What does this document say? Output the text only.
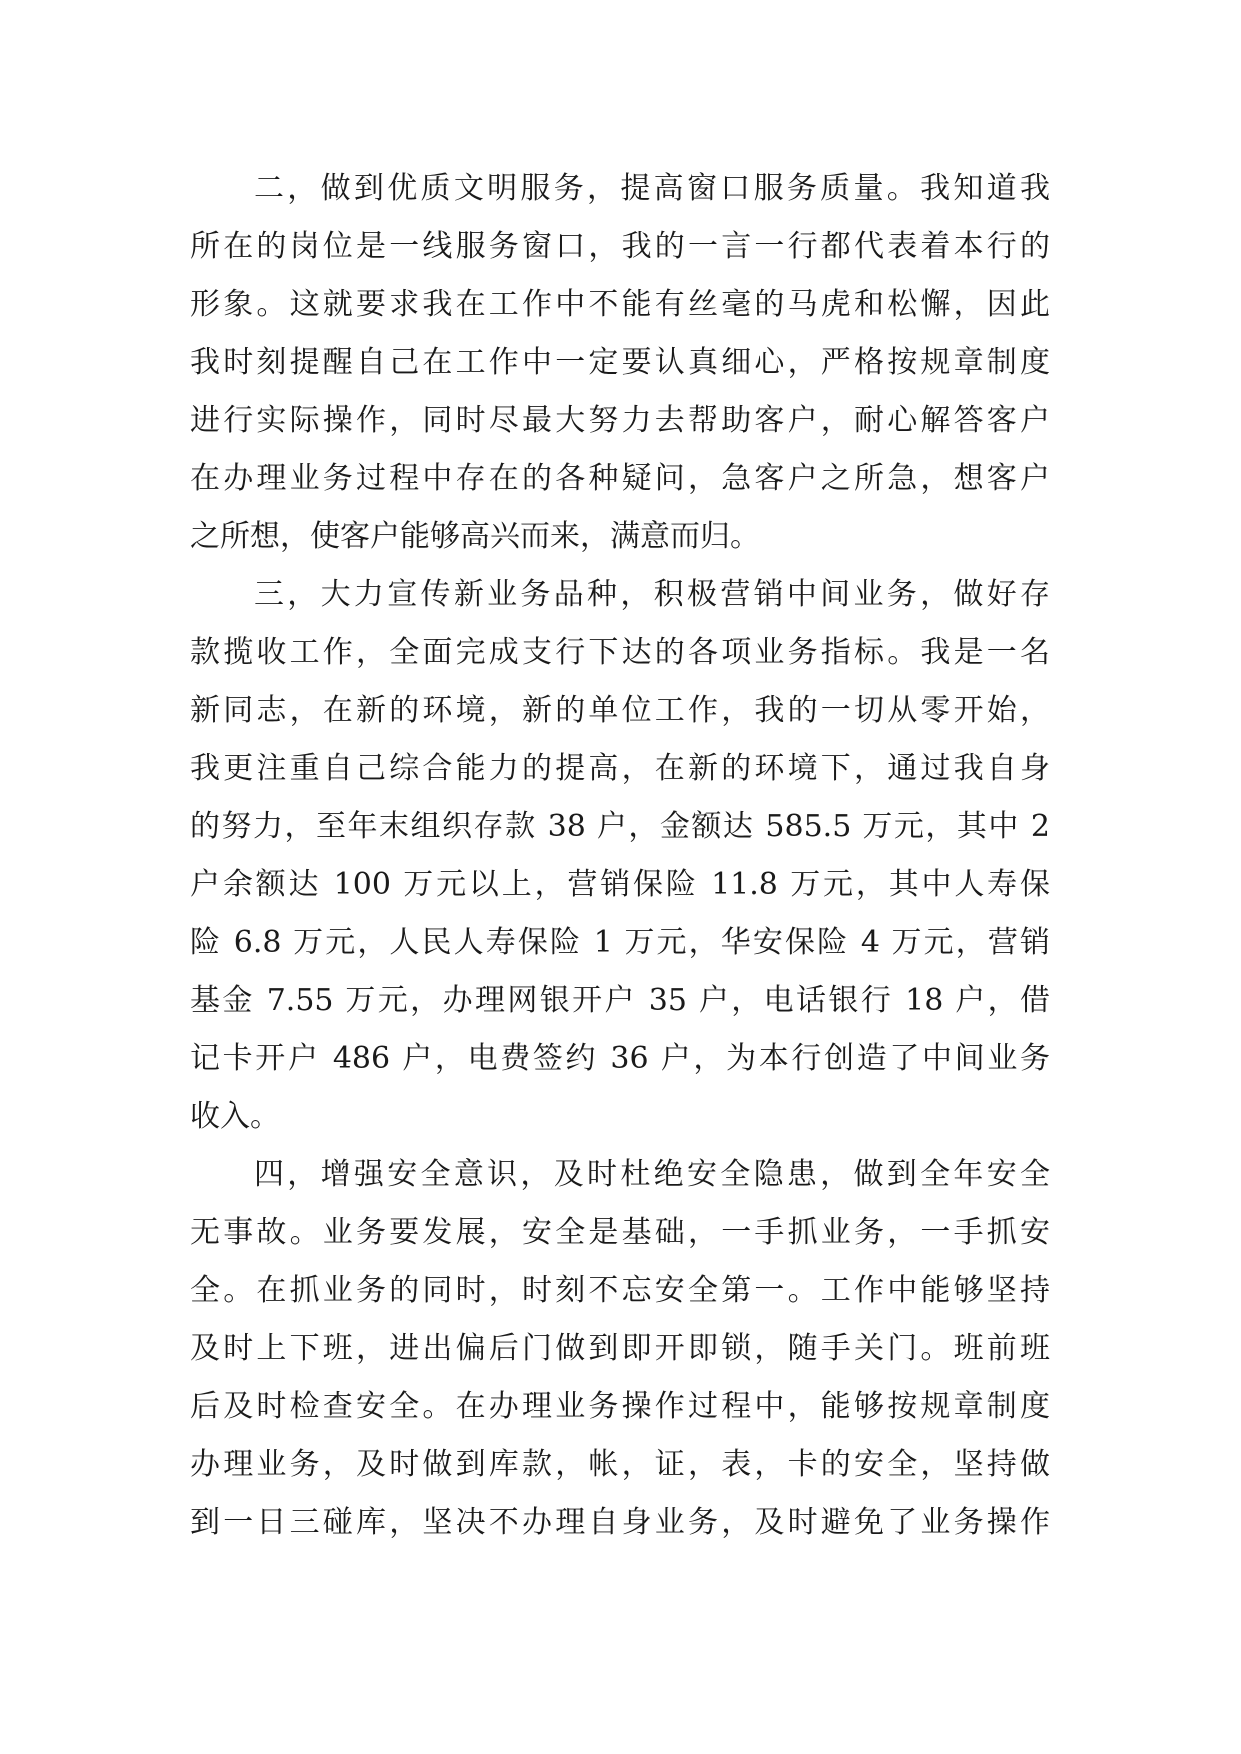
二，做到优质文明服务，提高窗口服务质量。我知道我
所在的岗位是一线服务窗口，我的一言一行都代表着本行的
形象。这就要求我在工作中不能有丝毫的马虎和松懈，因此
我时刻提醒自己在工作中一定要认真细心，严格按规章制度
进行实际操作，同时尽最大努力去帮助客户，耐心解答客户
在办理业务过程中存在的各种疑问，急客户之所急，想客户
之所想，使客户能够高兴而来，满意而归。
三，大力宣传新业务品种，积极营销中间业务，做好存
款揽收工作，全面完成支行下达的各项业务指标。我是一名
新同志，在新的环境，新的单位工作，我的一切从零开始，
我更注重自己综合能力的提高，在新的环境下，通过我自身
的努力，至年末组织存款 38 户，金额达 585.5 万元，其中 2
户余额达 100 万元以上，营销保险 11.8 万元，其中人寿保
险 6.8 万元，人民人寿保险 1 万元，华安保险 4 万元，营销
基金 7.55 万元，办理网银开户 35 户，电话银行 18 户，借
记卡开户 486 户，电费签约 36 户，为本行创造了中间业务
收入。
四，增强安全意识，及时杜绝安全隐患，做到全年安全
无事故。业务要发展，安全是基础，一手抓业务，一手抓安
全。在抓业务的同时，时刻不忘安全第一。工作中能够坚持
及时上下班，进出偏后门做到即开即锁，随手关门。班前班
后及时检查安全。在办理业务操作过程中，能够按规章制度
办理业务，及时做到库款，帐，证，表，卡的安全，坚持做
到一日三碰库，坚决不办理自身业务，及时避免了业务操作
